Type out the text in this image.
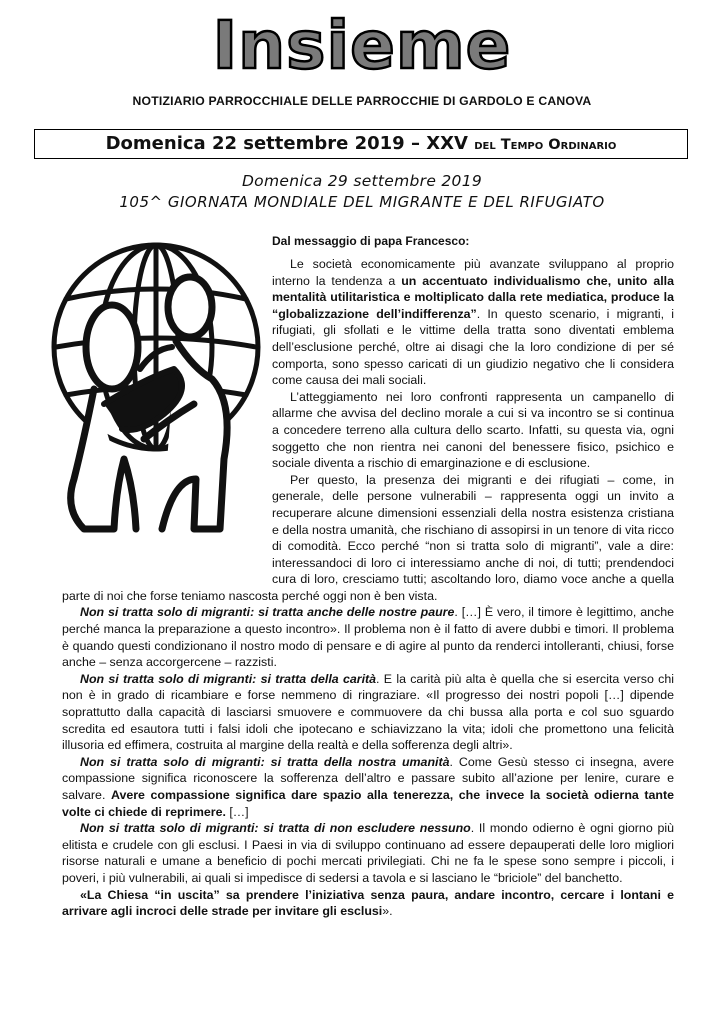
Insieme
NOTIZIARIO PARROCCHIALE DELLE PARROCCHIE DI GARDOLO E CANOVA
Domenica 22 settembre 2019 – XXV del Tempo Ordinario
Domenica 29 settembre 2019
105^ GIORNATA MONDIALE DEL MIGRANTE E DEL RIFUGIATO
Dal messaggio di papa Francesco:

Le società economicamente più avanzate sviluppano al proprio interno la tendenza a un accentuato individualismo che, unito alla mentalità utilitaristica e moltiplicato dalla rete mediatica, produce la “globalizzazione dell’indifferenza”. In questo scenario, i migranti, i rifugiati, gli sfollati e le vittime della tratta sono diventati emblema dell’esclusione perché, oltre ai disagi che la loro condizione di per sé comporta, sono spesso caricati di un giudizio negativo che li considera come causa dei mali sociali.

L’atteggiamento nei loro confronti rappresenta un campanello di allarme che avvisa del declino morale a cui si va incontro se si continua a concedere terreno alla cultura dello scarto. Infatti, su questa via, ogni soggetto che non rientra nei canoni del benessere fisico, psichico e sociale diventa a rischio di emarginazione e di esclusione.

Per questo, la presenza dei migranti e dei rifugiati – come, in generale, delle persone vulnerabili – rappresenta oggi un invito a recuperare alcune dimensioni essenziali della nostra esistenza cristiana e della nostra umanità, che rischiano di assopirsi in un tenore di vita ricco di comodità. Ecco perché “non si tratta solo di migranti”, vale a dire: interessandoci di loro ci interessiamo anche di noi, di tutti; prendendoci cura di loro, cresciamo tutti; ascoltando loro, diamo voce anche a quella parte di noi che forse teniamo nascosta perché oggi non è ben vista.

Non si tratta solo di migranti: si tratta anche delle nostre paure. […] È vero, il timore è legittimo, anche perché manca la preparazione a questo incontro». Il problema non è il fatto di avere dubbi e timori. Il problema è quando questi condizionano il nostro modo di pensare e di agire al punto da renderci intolleranti, chiusi, forse anche – senza accorgercene – razzisti.

Non si tratta solo di migranti: si tratta della carità. E la carità più alta è quella che si esercita verso chi non è in grado di ricambiare e forse nemmeno di ringraziare. «Il progresso dei nostri popoli […] dipende soprattutto dalla capacità di lasciarsi smuovere e commuovere da chi bussa alla porta e col suo sguardo scredita ed esautora tutti i falsi idoli che ipotecano e schiavizzano la vita; idoli che promettono una felicità illusoria ed effimera, costruita al margine della realtà e della sofferenza degli altri».

Non si tratta solo di migranti: si tratta della nostra umanità. Come Gesù stesso ci insegna, avere compassione significa riconoscere la sofferenza dell’altro e passare subito all’azione per lenire, curare e salvare. Avere compassione significa dare spazio alla tenerezza, che invece la società odierna tante volte ci chiede di reprimere. […]

Non si tratta solo di migranti: si tratta di non escludere nessuno. Il mondo odierno è ogni giorno più elitista e crudele con gli esclusi. I Paesi in via di sviluppo continuano ad essere depauperati delle loro migliori risorse naturali e umane a beneficio di pochi mercati privilegiati. Chi ne fa le spese sono sempre i piccoli, i poveri, i più vulnerabili, ai quali si impedisce di sedersi a tavola e si lasciano le “briciole” del banchetto.

«La Chiesa “in uscita” sa prendere l’iniziativa senza paura, andare incontro, cercare i lontani e arrivare agli incroci delle strade per invitare gli esclusi».
